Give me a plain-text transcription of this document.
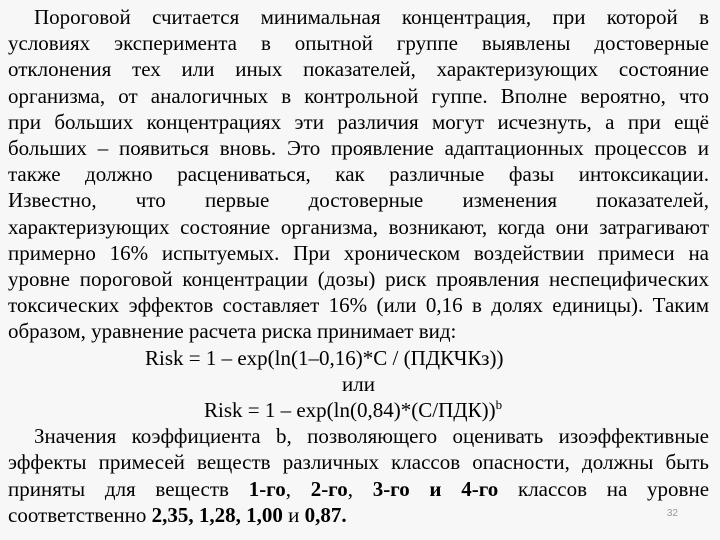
Пороговой считается минимальная концентрация, при которой в
условиях эксперимента в опытной группе выявлены достоверные
отклонения тех или иных показателей, характеризующих состояние
организма, от аналогичных в контрольной гуппе. Вполне вероятно, что
при больших концентрациях эти различия могут исчезнуть, а при ещё
больших – появиться вновь. Это проявление адаптационных процессов и
также должно расцениваться, как различные фазы интоксикации.
Известно, что первые достоверные изменения показателей,
характеризующих состояние организма, возникают, когда они затрагивают
примерно 16% испытуемых. При хроническом воздействии примеси на
уровне пороговой концентрации (дозы) риск проявления неспецифических
токсических эффектов составляет 16% (или 0,16 в долях единицы). Таким
образом, уравнение расчета риска принимает вид:
Risk = 1 – exp(ln(1–0,16)*C / (ПДКЧКз))
или
Risk = $1 - \exp(\ln(0,84)*(C/ПДК))^b$
Значения коэффициента b, позволяющего оценивать изоэффективные
эффекты примесей веществ различных классов опасности, должны быть
приняты для веществ 1-го, 2-го, 3-го и 4-го классов на уровне
соответственно 2,35, 1,28, 1,00 и 0,87.	32
